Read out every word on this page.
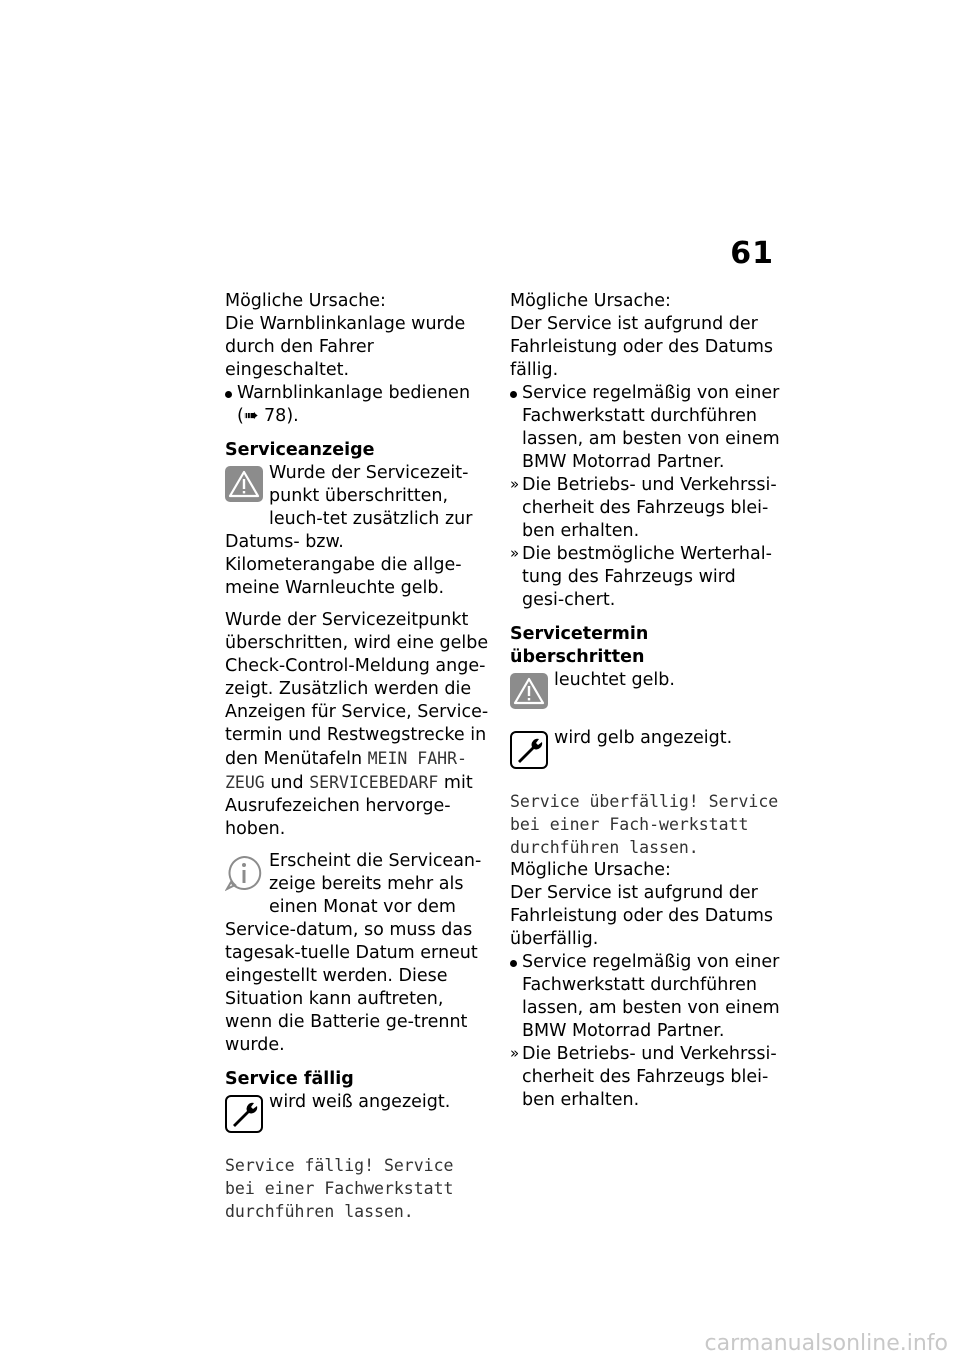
61

Mögliche Ursache:

Die Warnblinkanlage wurde durch den Fahrer eingeschaltet.

Warnblinkanlage bedienen
(➠ 78).

Serviceanzeige

Wurde der Servicezeit-punkt überschritten, leuch-tet zusätzlich zur Datums- bzw. Kilometerangabe die allge-meine Warnleuchte gelb.

Wurde der Servicezeitpunkt überschritten, wird eine gelbe Check-Control-Meldung ange-zeigt. Zusätzlich werden die Anzeigen für Service, Service-termin und Restwegstrecke in den Menütafeln MEIN FAHR-ZEUG und SERVICEBEDARF mit Ausrufezeichen hervorge-hoben.

Erscheint die Servicean-zeige bereits mehr als einen Monat vor dem Service-datum, so muss das tagesak-tuelle Datum erneut eingestellt werden. Diese Situation kann auftreten, wenn die Batterie ge-trennt wurde.

Service fällig

wird weiß angezeigt.

Service fällig! Service bei einer Fachwerkstatt durchführen lassen.

Mögliche Ursache:

Der Service ist aufgrund der Fahrleistung oder des Datums fällig.

Service regelmäßig von einer Fachwerkstatt durchführen lassen, am besten von einem BMW Motorrad Partner.

» Die Betriebs- und Verkehrssi-cherheit des Fahrzeugs blei-ben erhalten.

» Die bestmögliche Werterhal-tung des Fahrzeugs wird gesi-chert.

Servicetermin überschritten

leuchtet gelb.

wird gelb angezeigt.

Service überfällig! Service bei einer Fach-werkstatt durchführen lassen.

Mögliche Ursache:

Der Service ist aufgrund der Fahrleistung oder des Datums überfällig.

Service regelmäßig von einer Fachwerkstatt durchführen lassen, am besten von einem BMW Motorrad Partner.

» Die Betriebs- und Verkehrssi-cherheit des Fahrzeugs blei-ben erhalten.

carmanualsonline.info
